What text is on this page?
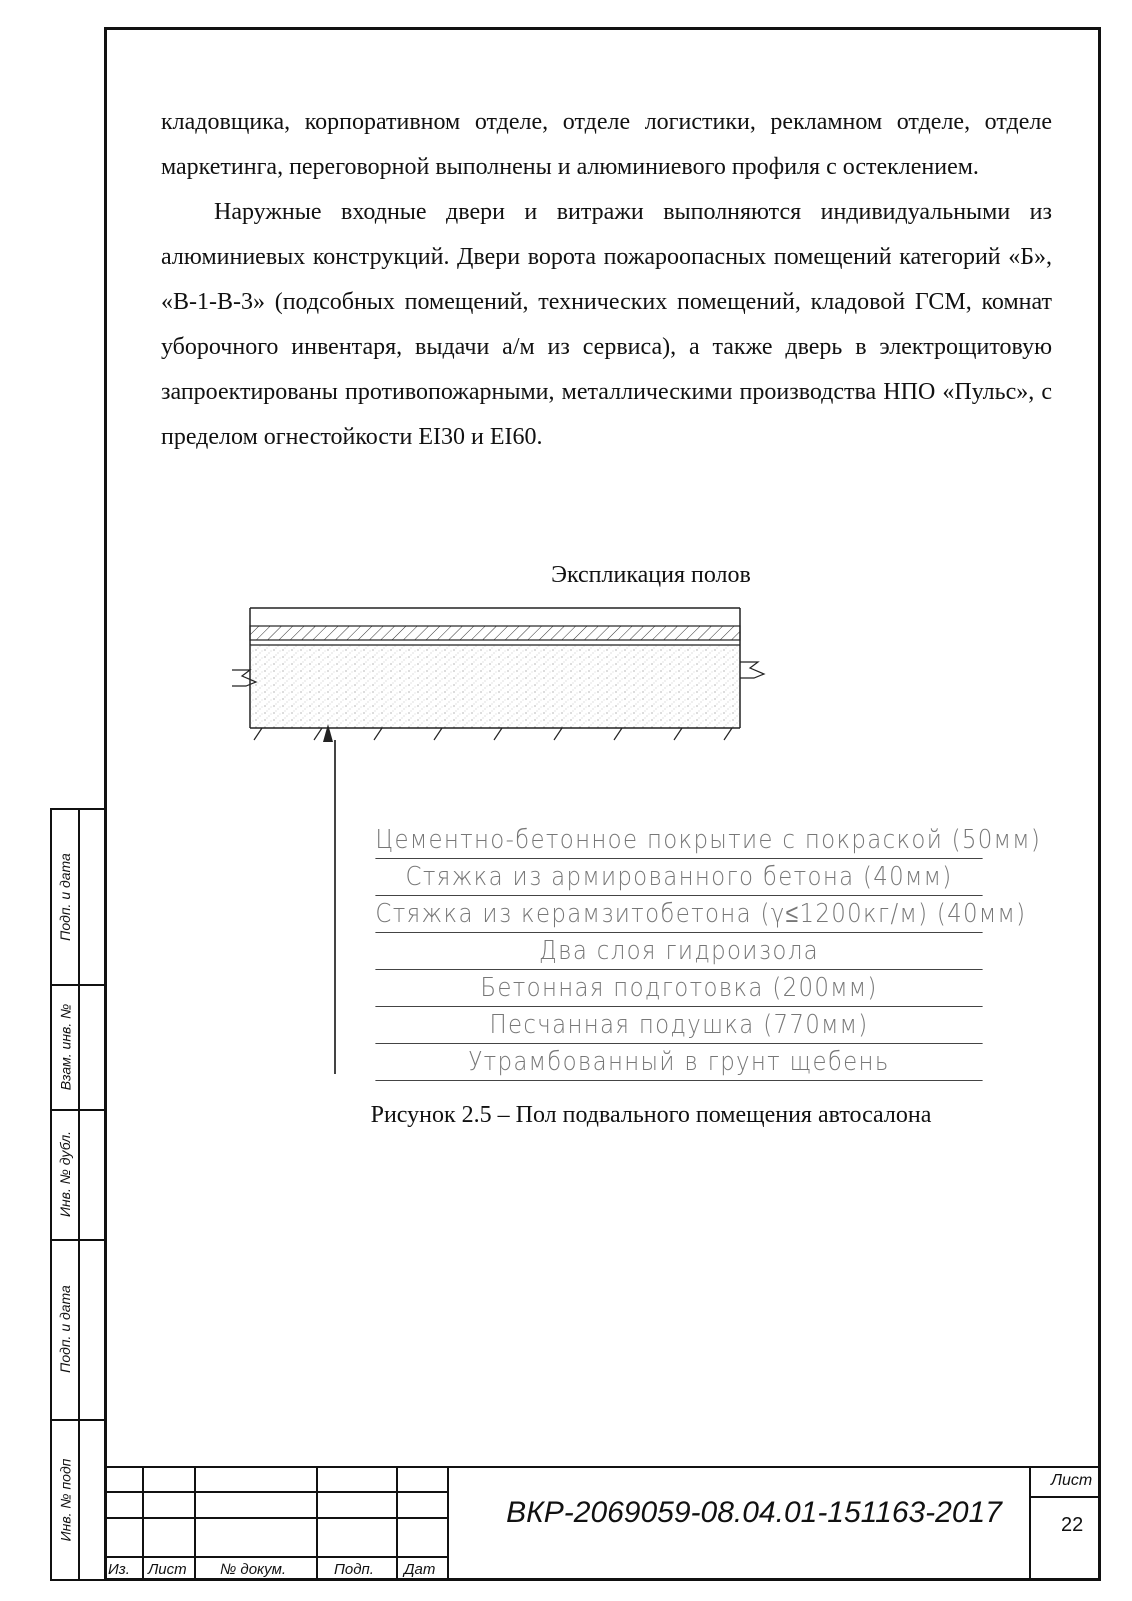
кладовщика, корпоративном отделе, отделе логистики, рекламном отделе, отделе маркетинга, переговорной выполнены и алюминиевого профиля с остеклением.

Наружные входные двери и витражи выполняются индивидуальными из алюминиевых конструкций. Двери ворота пожароопасных помещений категорий «Б», «В-1-В-3» (подсобных помещений, технических помещений, кладовой ГСМ, комнат уборочного инвентаря, выдачи а/м из сервиса), а также дверь в электрощитовую запроектированы противопожарными, металлическими производства НПО «Пульс», с пределом огнестойкости EI30 и EI60.

Экспликация полов
Цементно-бетонное покрытие с покраской (50мм)
Стяжка из армированного бетона (40мм)
Стяжка из керамзитобетона (γ≤1200кг/м) (40мм)
Два слоя гидроизола
Бетонная подготовка (200мм)
Песчанная подушка (770мм)
Утрамбованный в грунт щебень
Рисунок 2.5 – Пол подвального помещения автосалона
Подп. и дата
Взам. инв. №
Инв. № дубл.
Подп. и дата
Инв. № подп
Из. Лист № докум.	Подп. Дат
ВКР-2069059-08.04.01-151163-2017
Лист
22
